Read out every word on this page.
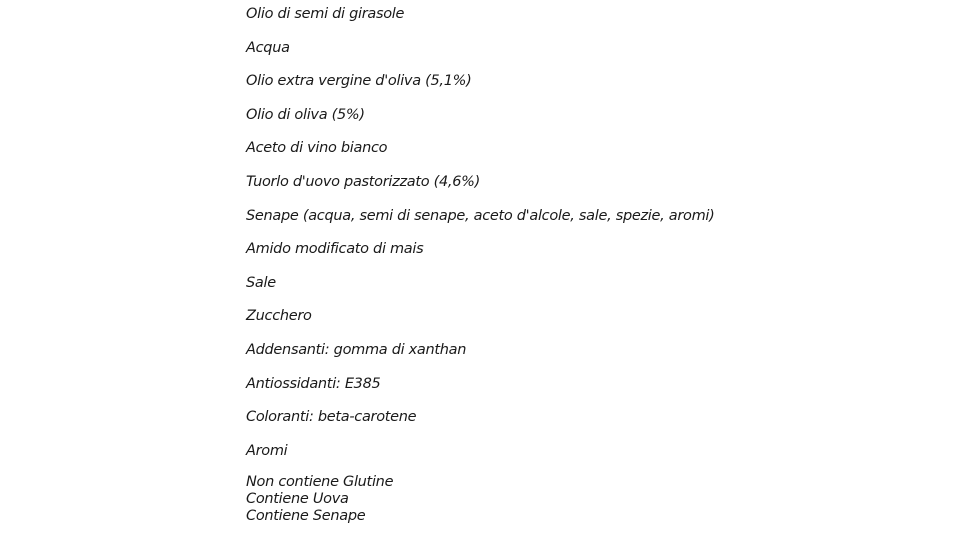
Olio di semi di girasole
Acqua
Olio extra vergine d'oliva (5,1%)
Olio di oliva (5%)
Aceto di vino bianco
Tuorlo d'uovo pastorizzato (4,6%)
Senape (acqua, semi di senape, aceto d'alcole, sale, spezie, aromi)
Amido modificato di mais
Sale
Zucchero
Addensanti: gomma di xanthan
Antiossidanti: E385
Coloranti: beta-carotene
Aromi
Non contiene Glutine
Contiene Uova
Contiene Senape
